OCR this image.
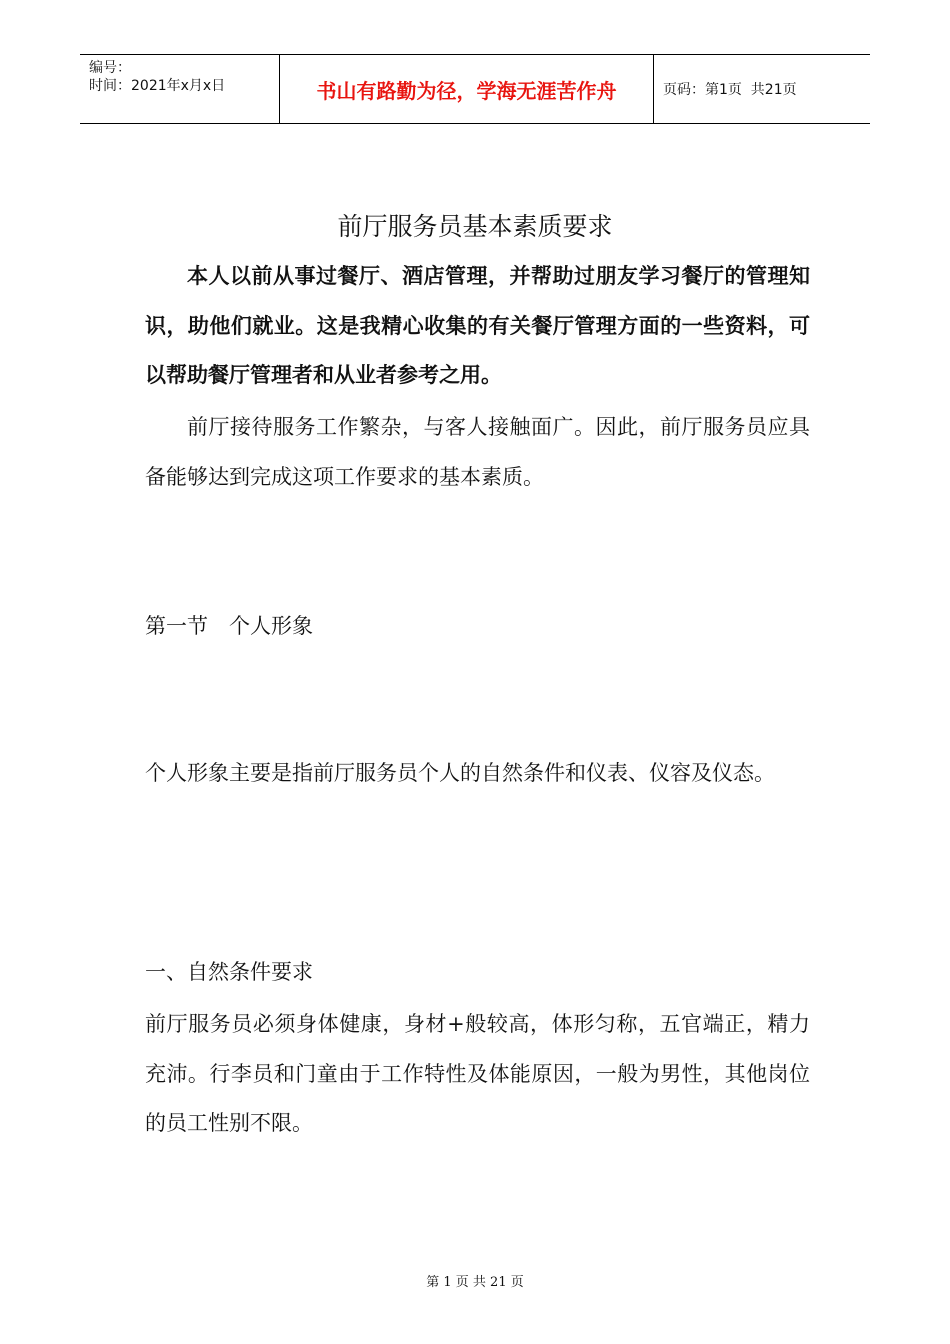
编号：
时间：2021年x月x日	书山有路勤为径，学海无涯苦作舟	页码：第1页  共21页
前厅服务员基本素质要求

本人以前从事过餐厅、酒店管理，并帮助过朋友学习餐厅的管理知识，助他们就业。这是我精心收集的有关餐厅管理方面的一些资料，可以帮助餐厅管理者和从业者参考之用。

前厅接待服务工作繁杂，与客人接触面广。因此，前厅服务员应具备能够达到完成这项工作要求的基本素质。

第一节　个人形象

个人形象主要是指前厅服务员个人的自然条件和仪表、仪容及仪态。

一、自然条件要求

前厅服务员必须身体健康，身材+般较高，体形匀称，五官端正，精力充沛。行李员和门童由于工作特性及体能原因，一般为男性，其他岗位的员工性别不限。

第 1 页 共 21 页
